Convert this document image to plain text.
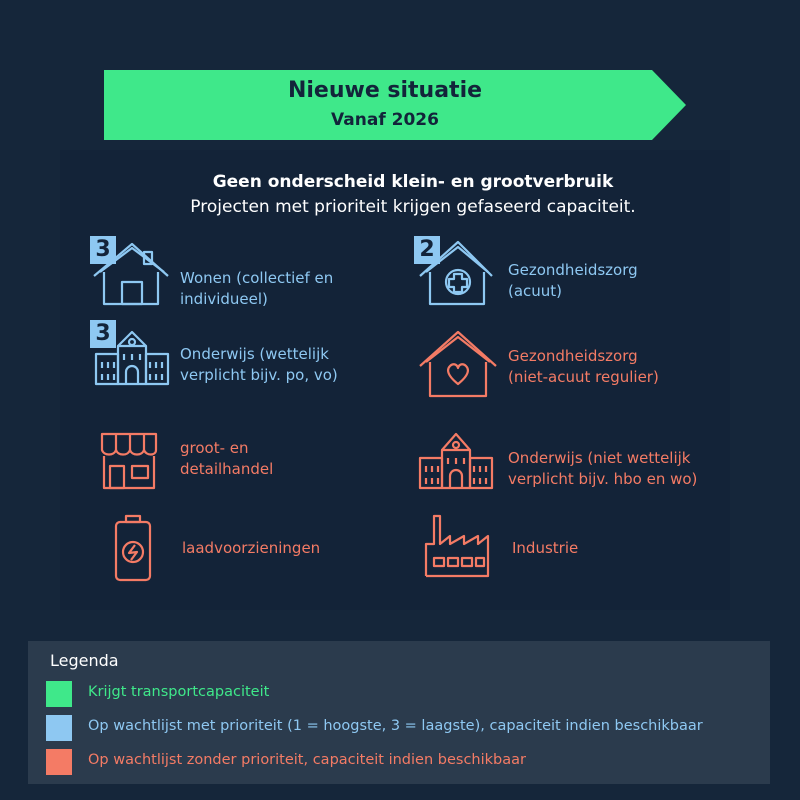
Nieuwe situatie
Vanaf 2026
Geen onderscheid klein- en grootverbruik
Projecten met prioriteit krijgen gefaseerd capaciteit.
3
Wonen (collectief en
individueel)
2
Gezondheidszorg
(acuut)
3
Onderwijs (wettelijk
verplicht bijv. po, vo)
Gezondheidszorg
(niet-acuut regulier)
groot- en
detailhandel
Onderwijs (niet wettelijk
verplicht bijv. hbo en wo)
laadvoorzieningen	Industrie
Legenda
Krijgt transportcapaciteit
Op wachtlijst met prioriteit (1 = hoogste, 3 = laagste), capaciteit indien beschikbaar
Op wachtlijst zonder prioriteit, capaciteit indien beschikbaar
